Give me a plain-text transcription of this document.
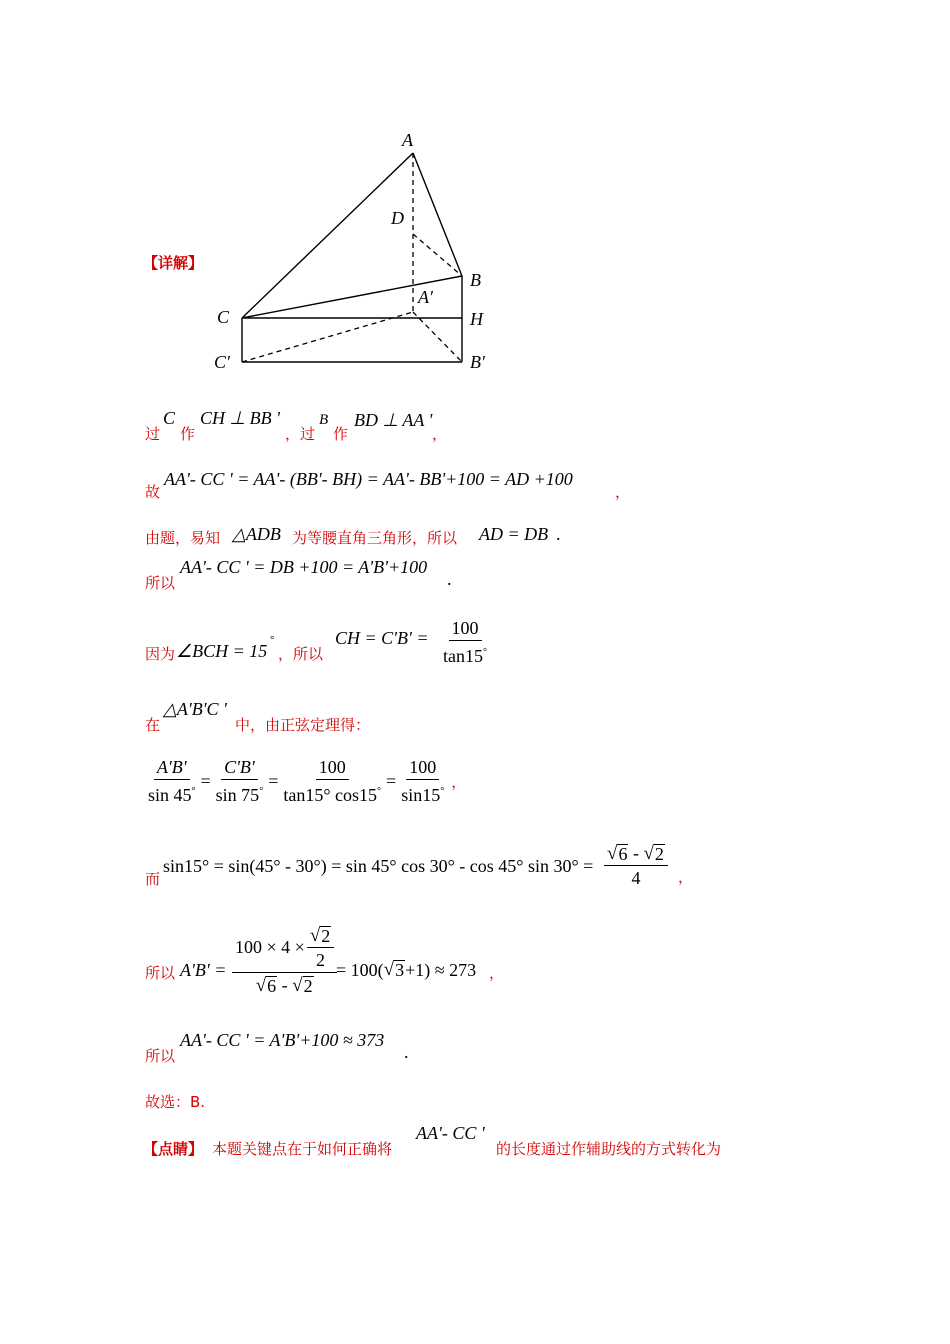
A
D
B
A′
C	H
C′	B′
【详解】
过
C
作
CH ⊥ BB '
，过
B
作
BD ⊥ AA '
，
故
AA'- CC ' = AA'- (BB'- BH) = AA'- BB'+100 = AD +100
，
由题，易知 △ADB 为等腰直角三角形，所以 AD = DB .
所以
AA'- CC ' = DB +100 = A'B'+100
.
因为 ∠BCH = 15
°
，所以
CH = $C'B' = \frac{100}{\tan 15^\circ}$
在
△A'B'C '
中，由正弦定理得：
$\frac{A'B'}{\sin 45^\circ} = \frac{C'B'}{\sin 75^\circ} = \frac{100}{\tan 15^\circ \cos 15^\circ} = \frac{100}{\sin 15^\circ}$ ，
而
sin15° = sin(45° - 30°) = sin 45° cos 30° - cos 45° $\sin 30^\circ = \frac{√ 6 - √ 2}{4}$ ，
所以 $A'B' = \frac{100 \times 4 \times \frac{√ 2}{2}}{√ 6 - √ 2}$
= 100( √ 3 +1) ≈ 273 ，
所以
AA'- CC ' = A'B'+100 ≈ 373
.
故选：B.
【点睛】 本题关键点在于如何正确将
AA'- CC '
的长度通过作辅助线的方式转化为
